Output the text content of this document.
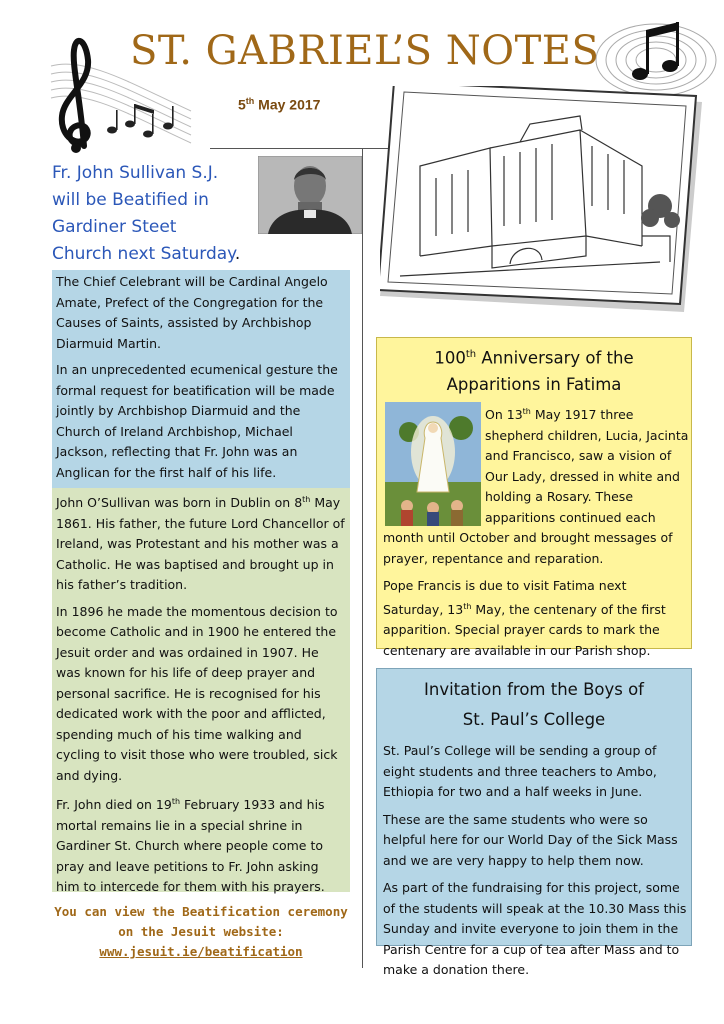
ST. GABRIEL’S NOTES
5th May 2017
Fr. John Sullivan S.J.
will be Beatified in
Gardiner Steet
Church next Saturday.

The Chief Celebrant will be Cardinal Angelo Amate, Prefect of the Congregation for the Causes of Saints, assisted by Archbishop Diarmuid Martin.

In an unprecedented ecumenical gesture the formal request for beatification will be made jointly by Archbishop Diarmuid and the Church of Ireland Archbishop, Michael Jackson, reflecting that Fr. John was an Anglican for the first half of his life.

John O’Sullivan was born in Dublin on 8th May 1861. His father, the future Lord Chancellor of Ireland, was Protestant and his mother was a Catholic. He was baptised and brought up in his father’s tradition.

In 1896 he made the momentous decision to become Catholic and in 1900 he entered the Jesuit order and was ordained in 1907. He was known for his life of deep prayer and personal sacrifice. He is recognised for his dedicated work with the poor and afflicted, spending much of his time walking and cycling to visit those who were troubled, sick and dying.

Fr. John died on 19th February 1933 and his mortal remains lie in a special shrine in Gardiner St. Church where people come to pray and leave petitions to Fr. John asking him to intercede for them with his prayers.

You can view the Beatification ceremony
on the Jesuit website:
www.jesuit.ie/beatification
100th Anniversary of the
Apparitions in Fatima

On 13th May 1917 three shepherd children, Lucia, Jacinta and Francisco, saw a vision of Our Lady, dressed in white and holding a Rosary. These apparitions continued each month until October and brought messages of prayer, repentance and reparation.

Pope Francis is due to visit Fatima next Saturday, 13th May, the centenary of the first apparition. Special prayer cards to mark the centenary are available in our Parish shop.

Invitation from the Boys of
St. Paul’s College

St. Paul’s College will be sending a group of eight students and three teachers to Ambo, Ethiopia for two and a half weeks in June.

These are the same students who were so helpful here for our World Day of the Sick Mass and we are very happy to help them now.

As part of the fundraising for this project, some of the students will speak at the 10.30 Mass this Sunday and invite everyone to join them in the Parish Centre for a cup of tea after Mass and to make a donation there.
